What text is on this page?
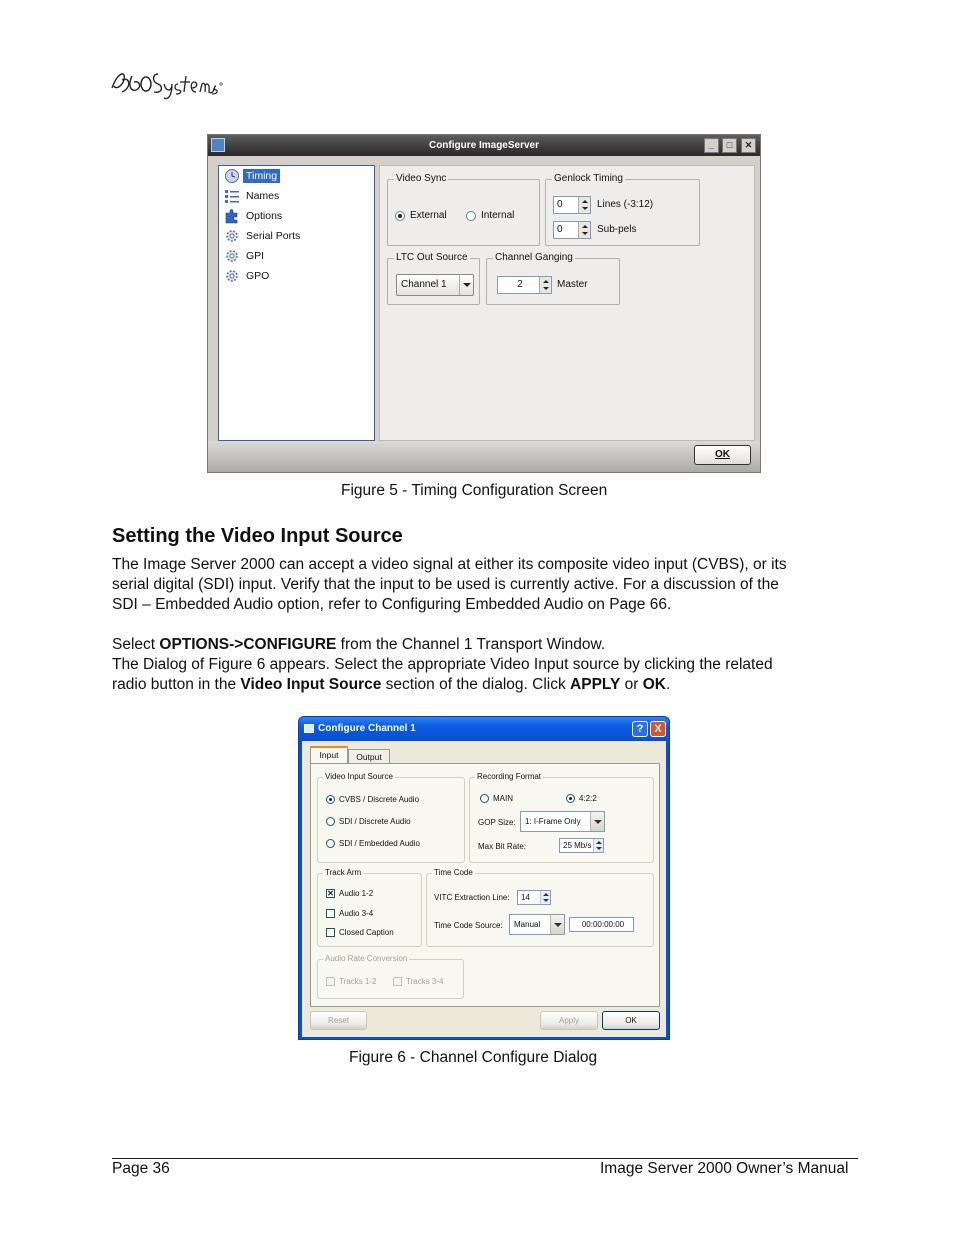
Configure ImageServer	_	□	✕
Timing
Names
Options
Serial Ports
GPI
GPO
Video Sync
External	Internal
Genlock Timing
0	Lines (-3:12)
0	Sub-pels
LTC Out Source
Channel 1
Channel Ganging
2	Master
OK
Figure 5 - Timing Configuration Screen
Setting the Video Input Source
The Image Server 2000 can accept a video signal at either its composite video input (CVBS), or its
serial digital (SDI) input. Verify that the input to be used is currently active. For a discussion of the
SDI – Embedded Audio option, refer to Configuring Embedded Audio on Page 66.
Select OPTIONS->CONFIGURE from the Channel 1 Transport Window.
The Dialog of Figure 6 appears. Select the appropriate Video Input source by clicking the related
radio button in the Video Input Source section of the dialog. Click APPLY or OK.
Configure Channel 1	? X
Input	Output
Video Input Source
CVBS / Discrete Audio
SDI / Discrete Audio
SDI / Embedded Audio
Recording Format
MAIN	4:2:2
GOP Size:	1: I-Frame Only
Max Bit Rate:	25 Mb/s
Track Arm
✕ Audio 1-2
Audio 3-4
Closed Caption
Time Code
VITC Extraction Line:	14
Time Code Source:	Manual	00:00:00:00
Audio Rate Conversion
Tracks 1-2	Tracks 3-4
Reset	Apply	OK
Figure 6 - Channel Configure Dialog
Page 36	Image Server 2000 Owner’s Manual
